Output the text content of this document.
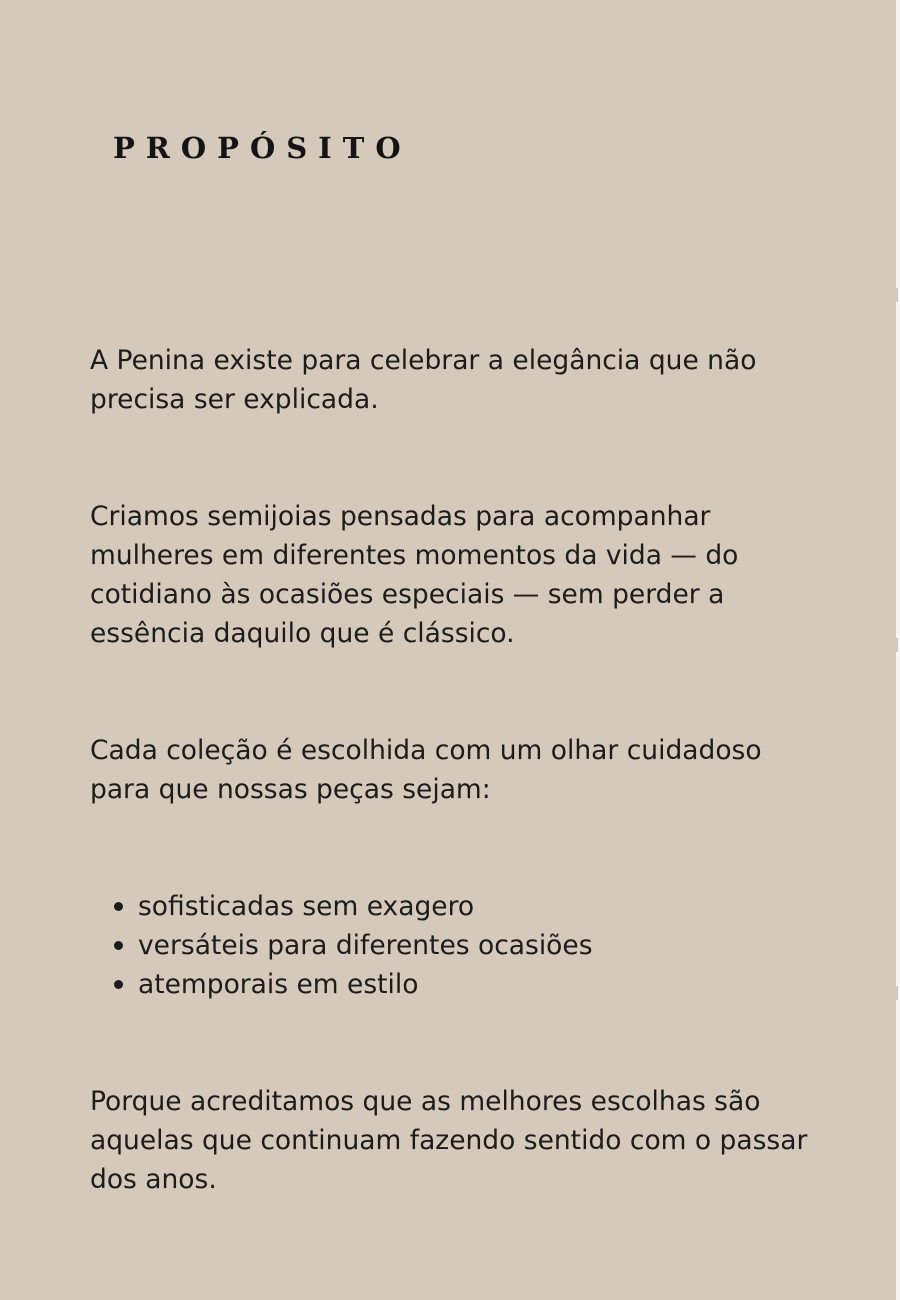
PROPÓSITO

A Penina existe para celebrar a elegância que não precisa ser explicada.

Criamos semijoias pensadas para acompanhar mulheres em diferentes momentos da vida — do cotidiano às ocasiões especiais — sem perder a essência daquilo que é clássico.

Cada coleção é escolhida com um olhar cuidadoso para que nossas peças sejam:

sofisticadas sem exagero
versáteis para diferentes ocasiões
atemporais em estilo

Porque acreditamos que as melhores escolhas são aquelas que continuam fazendo sentido com o passar dos anos.
